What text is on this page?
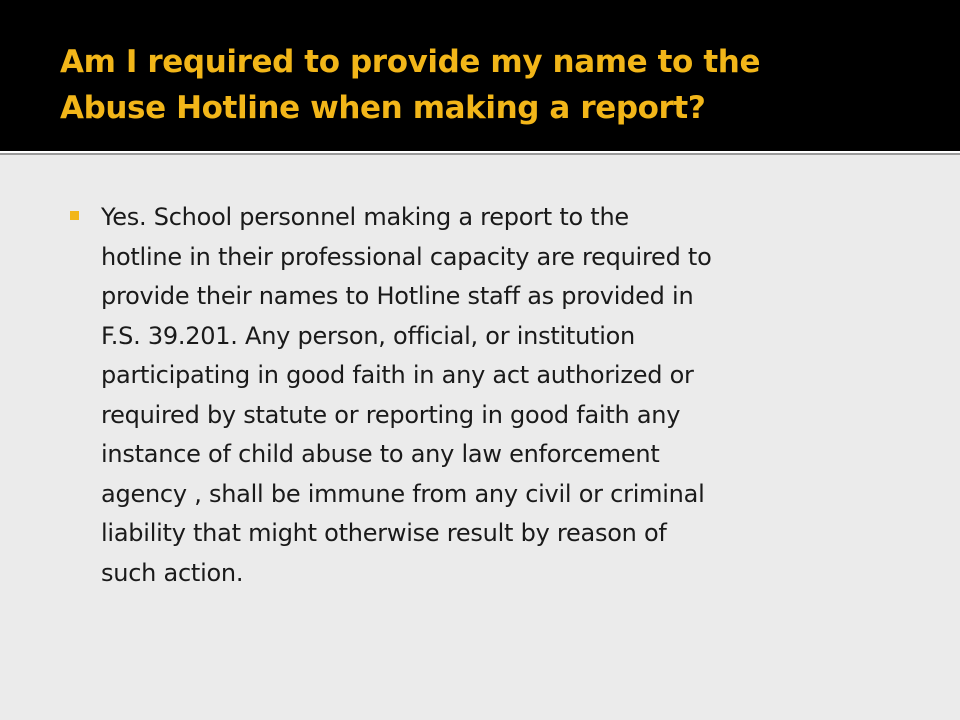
Am I required to provide my name to the
Abuse Hotline when making a report?

Yes. School personnel making a report to the
hotline in their professional capacity are required to
provide their names to Hotline staff as provided in
F.S. 39.201. Any person, official, or institution
participating in good faith in any act authorized or
required by statute or reporting in good faith any
instance of child abuse to any law enforcement
agency , shall be immune from any civil or criminal
liability that might otherwise result by reason of
such action.
